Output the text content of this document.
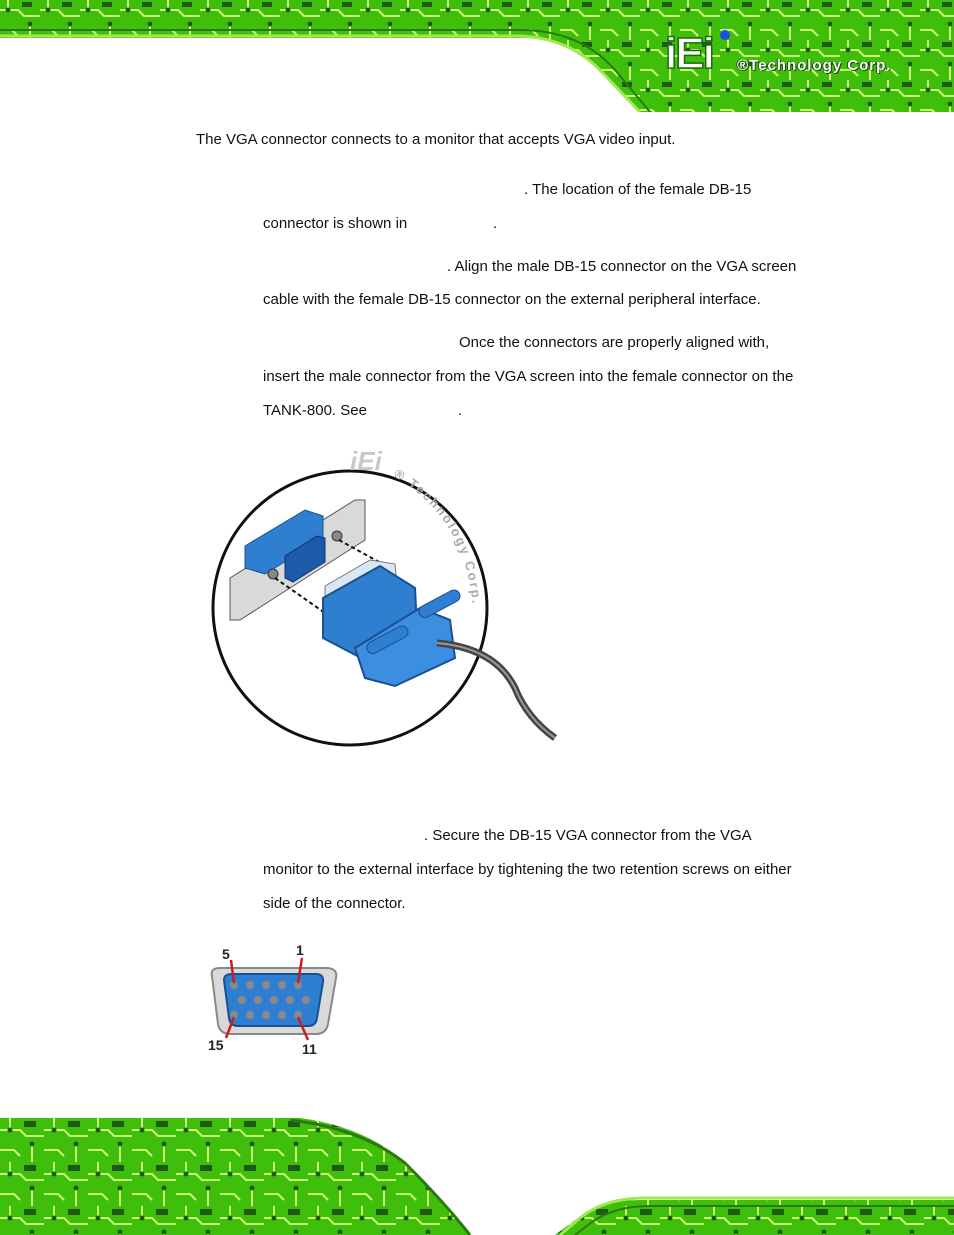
iEi ®Technology Corp.
The VGA connector connects to a monitor that accepts VGA video input.
. The location of the female DB-15
connector is shown in	.
. Align the male DB-15 connector on the VGA screen
cable with the female DB-15 connector on the external peripheral interface.
Once the connectors are properly aligned with,
insert the male connector from the VGA screen into the female connector on the
TANK-800. See	.
iEi ® Technology Corp.
5	1
15	11
. Secure the DB-15 VGA connector from the VGA
monitor to the external interface by tightening the two retention screws on either
side of the connector.
